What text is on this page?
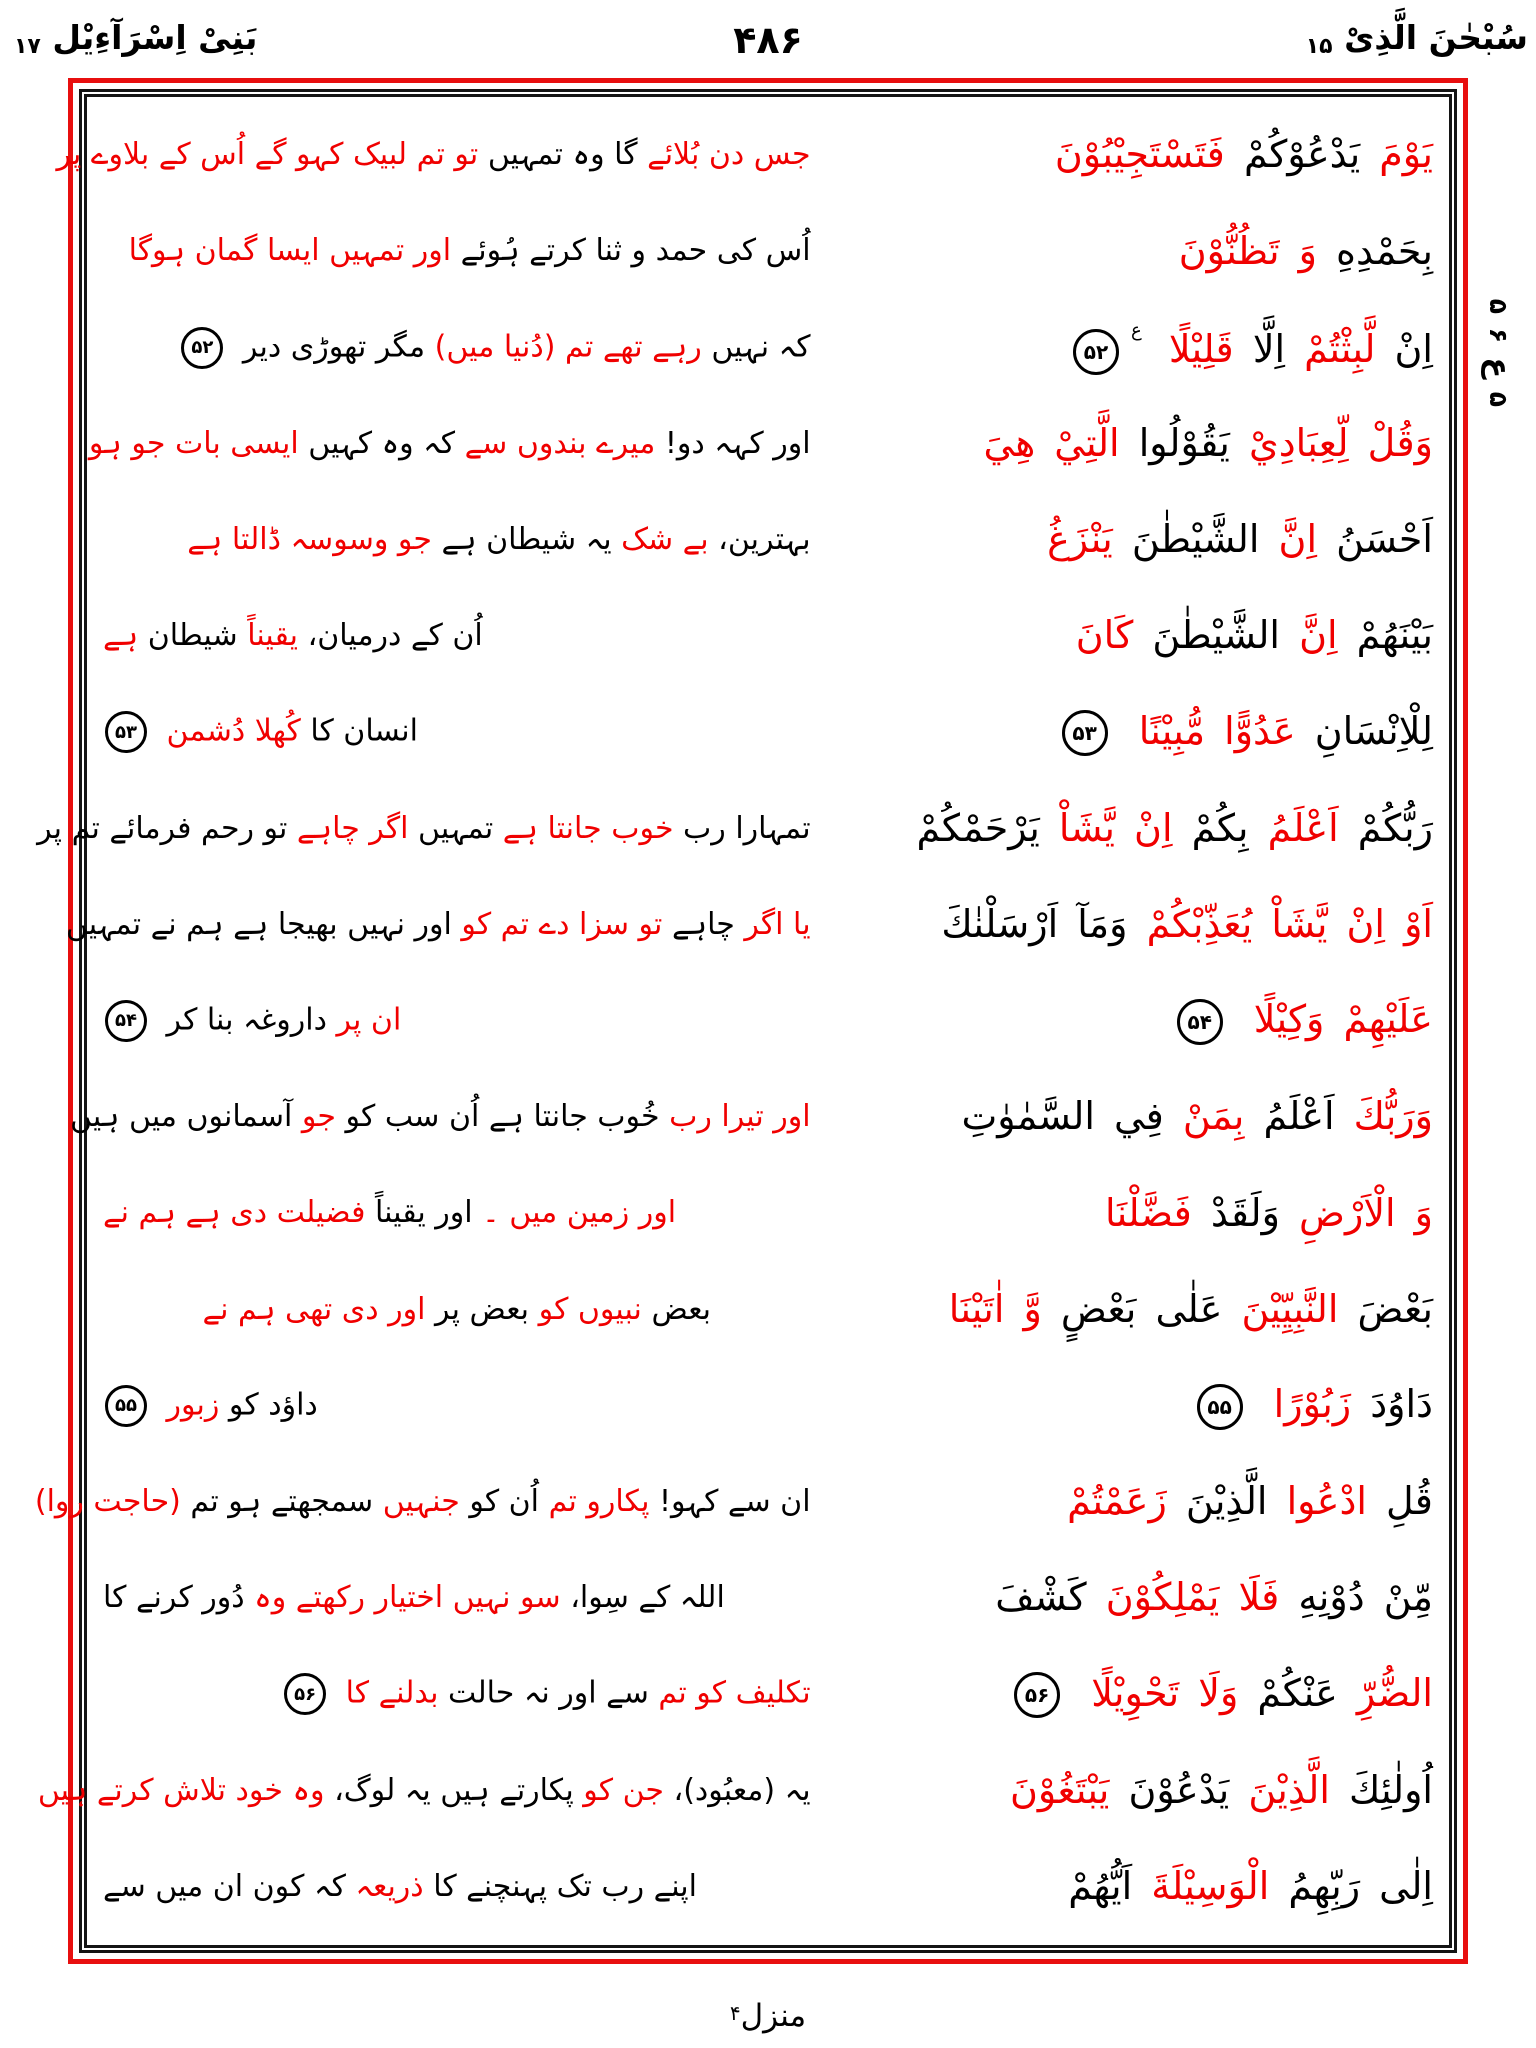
بَنِیْ اِسْرَآءِیْل ۱۷	۴۸۶	سُبْحٰنَ الَّذِیْ ۱۵
جس دن بُلائے گا وہ تمہیں تو تم لبیک کہو گے اُس کے بلاوے پر	يَوْمَ يَدْعُوْكُمْ فَتَسْتَجِيْبُوْنَ
اُس کی حمد و ثنا کرتے ہُوئے اور تمہیں ایسا گمان ہوگا	بِحَمْدِهِ وَ تَظُنُّوْنَ
کہ نہیں رہے تھے تم (دُنیا میں) مگر تھوڑی دیر ۵۲	اِنْ لَّبِثْتُمْ اِلَّا قَلِيْلًا $^ع$۵۲
اور کہہ دو! میرے بندوں سے کہ وہ کہیں ایسی بات جو ہو	وَقُلْ لِّعِبَادِيْ يَقُوْلُوا الَّتِيْ هِيَ
بہترین، بے شک یہ شیطان ہے جو وسوسہ ڈالتا ہے	اَحْسَنُ اِنَّ الشَّيْطٰنَ يَنْزَغُ
اُن کے درمیان، یقیناً شیطان ہے	بَيْنَهُمْ اِنَّ الشَّيْطٰنَ كَانَ
انسان کا کُھلا دُشمن ۵۳	لِلْاِنْسَانِ عَدُوًّا مُّبِيْنًا ۵۳
تمہارا رب خوب جانتا ہے تمہیں اگر چاہے تو رحم فرمائے تم پر	رَبُّكُمْ اَعْلَمُ بِكُمْ اِنْ يَّشَاْ يَرْحَمْكُمْ
یا اگر چاہے تو سزا دے تم کو اور نہیں بھیجا ہے ہم نے تمہیں	اَوْ اِنْ يَّشَاْ يُعَذِّبْكُمْ وَمَآ اَرْسَلْنٰكَ
ان پر داروغہ بنا کر ۵۴	عَلَيْهِمْ وَكِيْلًا ۵۴
اور تیرا رب خُوب جانتا ہے اُن سب کو جو آسمانوں میں ہیں	وَرَبُّكَ اَعْلَمُ بِمَنْ فِي السَّمٰوٰتِ
اور زمین میں ۔ اور یقیناً فضیلت دی ہے ہم نے	وَ الْاَرْضِ وَلَقَدْ فَضَّلْنَا
بعض نبیوں کو بعض پر اور دی تھی ہم نے	بَعْضَ النَّبِيِّيْنَ عَلٰى بَعْضٍ وَّ اٰتَيْنَا
داؤد کو زبور ۵۵	دَاوُدَ زَبُوْرًا ۵۵
ان سے کہو! پکارو تم اُن کو جنہیں سمجھتے ہو تم (حاجت روا)	قُلِ ادْعُوا الَّذِيْنَ زَعَمْتُمْ
اللہ کے سِوا، سو نہیں اختیار رکھتے وہ دُور کرنے کا	مِّنْ دُوْنِهِ فَلَا يَمْلِكُوْنَ كَشْفَ
تکلیف کو تم سے اور نہ حالت بدلنے کا ۵۶	الضُّرِّ عَنْكُمْ وَلَا تَحْوِيْلًا ۵۶
یہ (معبُود)، جن کو پکارتے ہیں یہ لوگ، وہ خود تلاش کرتے ہیں	اُولٰئِكَ الَّذِيْنَ يَدْعُوْنَ يَبْتَغُوْنَ
اپنے رب تک پہنچنے کا ذریعہ کہ کون ان میں سے	اِلٰى رَبِّهِمُ الْوَسِيْلَةَ اَيُّهُمْ
۵
۶
ع
۵
منزل۴
